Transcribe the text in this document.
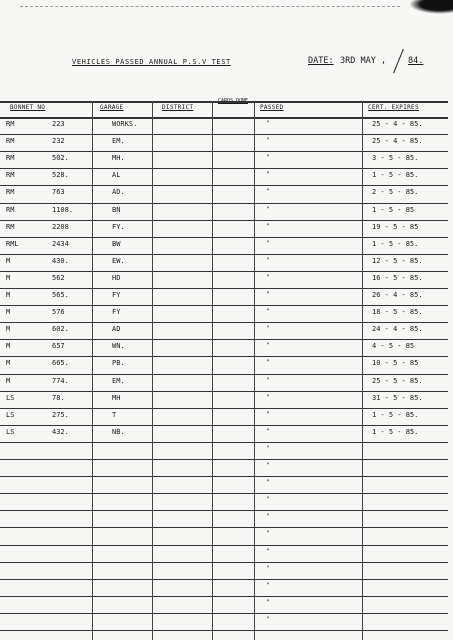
VEHICLES PASSED ANNUAL P.S.V TEST	DATE: 3RD MAY ,	84.
BONNET NO	GARAGE	DISTRICT	PASSED	CERT. EXPIRES
RM	223	WORKS.	"	25 - 4 - 85.
RM	232	EM.	"	25 - 4 - 85.
RM	502.	MH.	"	3 - 5 - 85.
RM	528.	AL	"	1 - 5 - 85.
RM	763	AD.	"	2 - 5 - 85.
RM	1108.	BN	"	1 - 5 - 85
RM	2208	FY.	"	19 - 5 - 85
RML	2434	BW	"	1 - 5 - 85.
M	430.	EW.	"	12 - 5 - 85.
M	562	HD	"	16 - 5 - 85.
M	565.	FY	"	26 - 4 - 85.
M	576	FY	"	18 - 5 - 85.
M	602.	AD	"	24 - 4 - 85.
M	657	WN.	"	4 - 5 - 85
M	665.	PB.	"	10 - 5 - 85
M	774.	EM.	"	25 - 5 - 85.
LS	78.	MH	"	31 - 5 - 85.
LS	275.	T	"	1 - 5 - 85.
LS	432.	NB.	"	1 - 5 - 85.
"
"
"
"
"
"
"
"
"
"
"
